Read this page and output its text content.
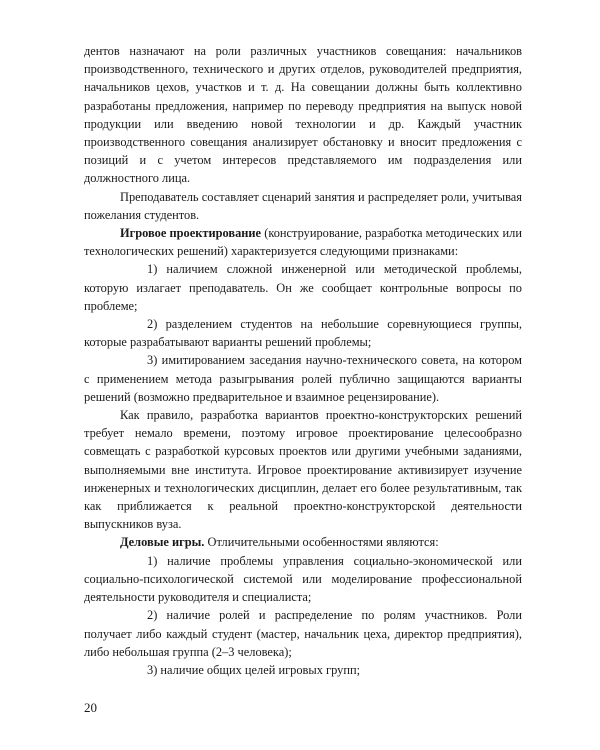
дентов назначают на роли различных участников совещания: начальников производственного, технического и других отделов, руководителей предприятия, начальников цехов, участков и т. д. На совещании должны быть коллективно разработаны предложения, например по переводу предприятия на выпуск новой продукции или введению новой технологии и др. Каждый участник производственного совещания анализирует обстановку и вносит предложения с позиций и с учетом интересов представляемого им подразделения или должностного лица.

Преподаватель составляет сценарий занятия и распределяет роли, учитывая пожелания студентов.

Игровое проектирование (конструирование, разработка методических или технологических решений) характеризуется следующими признаками:

1) наличием сложной инженерной или методической проблемы, которую излагает преподаватель. Он же сообщает контрольные вопросы по проблеме;

2) разделением студентов на небольшие соревнующиеся группы, которые разрабатывают варианты решений проблемы;

3) имитированием заседания научно-технического совета, на котором с применением метода разыгрывания ролей публично защищаются варианты решений (возможно предварительное и взаимное рецензирование).

Как правило, разработка вариантов проектно-конструкторских решений требует немало времени, поэтому игровое проектирование целесообразно совмещать с разработкой курсовых проектов или другими учебными заданиями, выполняемыми вне института. Игровое проектирование активизирует изучение инженерных и технологических дисциплин, делает его более результативным, так как приближается к реальной проектно-конструкторской деятельности выпускников вуза.

Деловые игры. Отличительными особенностями являются:

1) наличие проблемы управления социально-экономической или социально-психологической системой или моделирование профессиональной деятельности руководителя и специалиста;

2) наличие ролей и распределение по ролям участников. Роли получает либо каждый студент (мастер, начальник цеха, директор предприятия), либо небольшая группа (2–3 человека);

3) наличие общих целей игровых групп;

20
